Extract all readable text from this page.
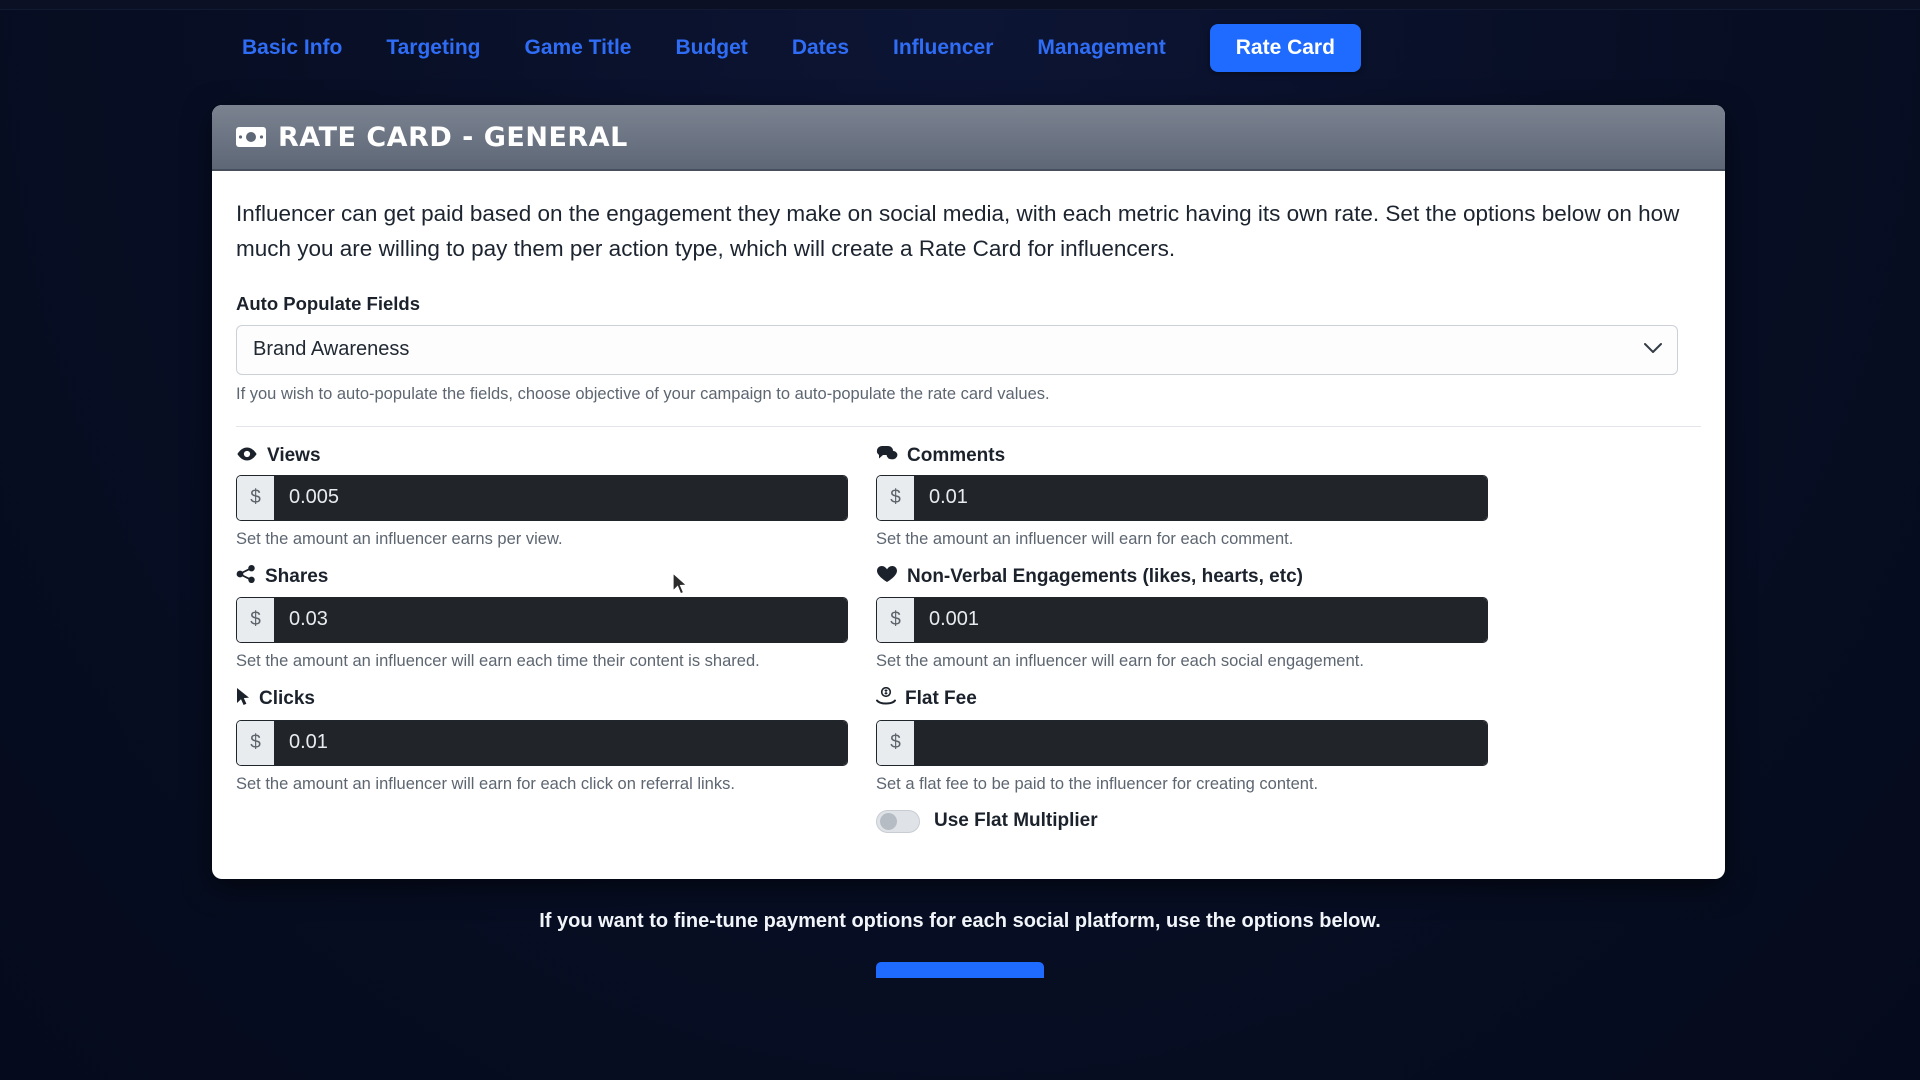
Basic Info	Targeting	Game Title	Budget	Dates	Influencer	Management	Rate Card
RATE CARD - GENERAL

Influencer can get paid based on the engagement they make on social media, with each metric having its own rate. Set the options below on how much you are willing to pay them per action type, which will create a Rate Card for influencers.

Auto Populate Fields
Brand Awareness
If you wish to auto-populate the fields, choose objective of your campaign to auto-populate the rate card values.
Views
$	0.005
Set the amount an influencer earns per view.
Comments
$	0.01
Set the amount an influencer will earn for each comment.
Shares
$	0.03
Set the amount an influencer will earn each time their content is shared.
Non-Verbal Engagements (likes, hearts, etc)
$	0.001
Set the amount an influencer will earn for each social engagement.
Clicks
$	0.01
Set the amount an influencer will earn for each click on referral links.
Flat Fee
$
Set a flat fee to be paid to the influencer for creating content.
Use Flat Multiplier
If you want to fine-tune payment options for each social platform, use the options below.
